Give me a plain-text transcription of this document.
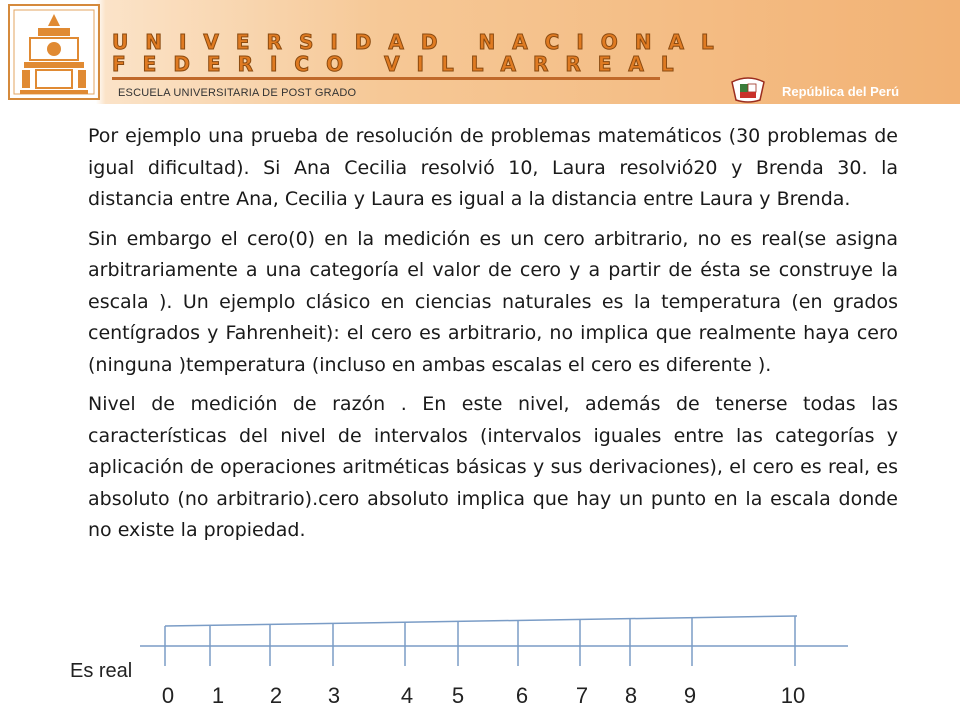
UNIVERSIDAD NACIONAL
FEDERICO VILLARREAL
ESCUELA UNIVERSITARIA DE POST GRADO	República del Perú

Por ejemplo una prueba de resolución de problemas matemáticos (30 problemas de igual dificultad). Si Ana Cecilia resolvió 10, Laura resolvió20 y Brenda 30. la distancia entre Ana, Cecilia y Laura es igual a la distancia entre Laura y Brenda.

Sin embargo el cero(0) en la medición es un cero arbitrario, no es real(se asigna arbitrariamente a una categoría el valor de cero y a partir de ésta se construye la escala ). Un ejemplo clásico en ciencias naturales es la temperatura (en grados centígrados y Fahrenheit): el cero es arbitrario, no implica que realmente haya cero (ninguna )temperatura (incluso en ambas escalas el cero es diferente ).

Nivel de medición de razón . En este nivel, además de tenerse todas las características del nivel de intervalos (intervalos iguales entre las categorías y aplicación de operaciones aritméticas básicas y sus derivaciones), el cero es real, es absoluto (no arbitrario).cero absoluto implica que hay un punto en la escala donde no existe la propiedad.

Es real
0 1 2 3	4 5 6 7 8 9	10
